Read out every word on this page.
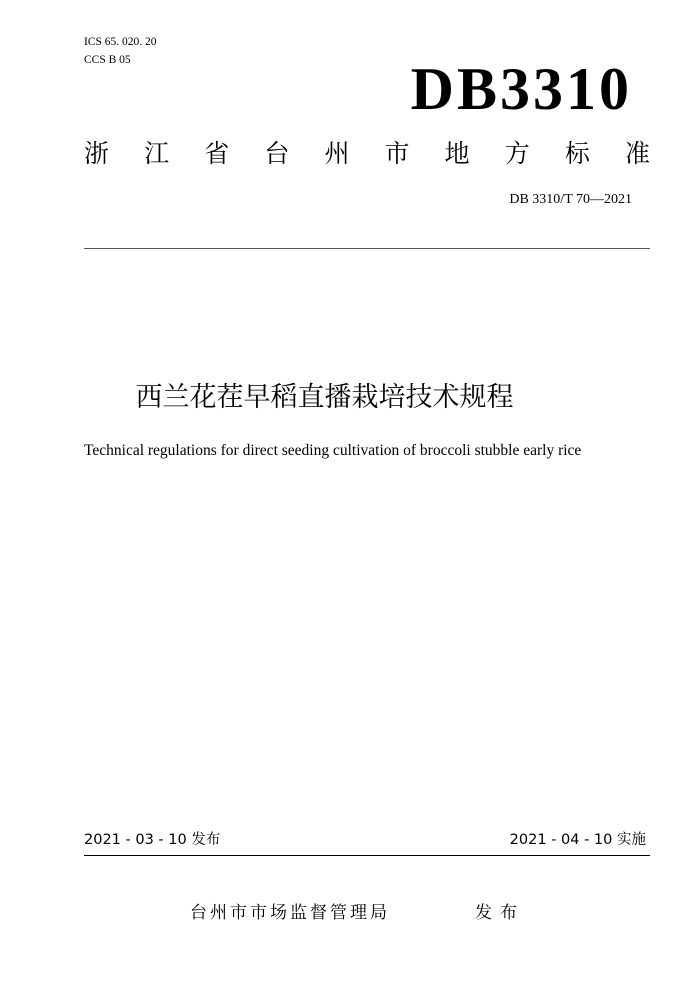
ICS 65. 020. 20
CCS B 05	DB3310
浙 江 省 台 州 市 地 方 标 准
DB 3310/T 70—2021
西兰花茬早稻直播栽培技术规程
Technical regulations for direct seeding cultivation of broccoli stubble early rice
2021 - 03 - 10 发布	2021 - 04 - 10 实施
台州市市场监督管理局	发布
